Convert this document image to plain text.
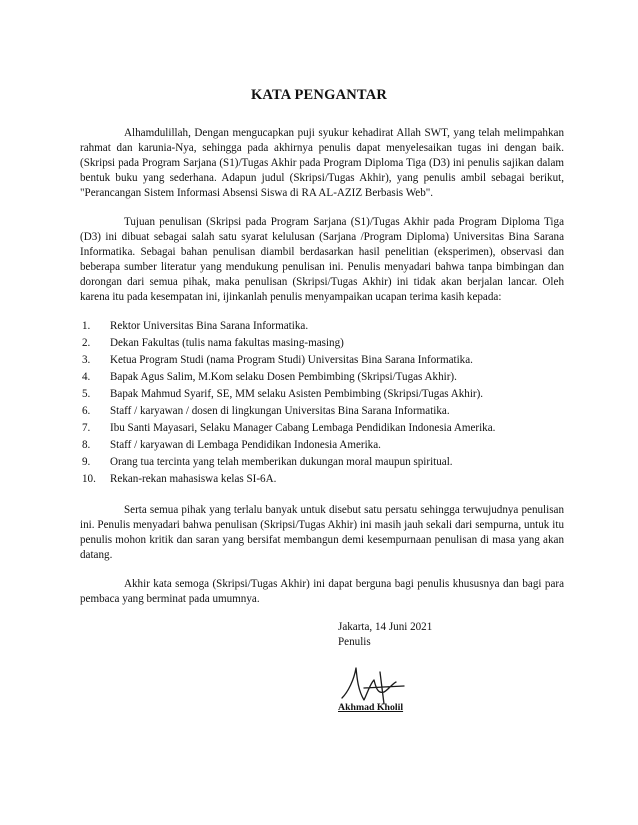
KATA PENGANTAR

Alhamdulillah, Dengan mengucapkan puji syukur kehadirat Allah SWT, yang telah melimpahkan rahmat dan karunia-Nya, sehingga pada akhirnya penulis dapat menyelesaikan tugas ini dengan baik. (Skripsi pada Program Sarjana (S1)/Tugas Akhir pada Program Diploma Tiga (D3) ini penulis sajikan dalam bentuk buku yang sederhana. Adapun judul (Skripsi/Tugas Akhir), yang penulis ambil sebagai berikut, "Perancangan Sistem Informasi Absensi Siswa di RA AL-AZIZ Berbasis Web".

Tujuan penulisan (Skripsi pada Program Sarjana (S1)/Tugas Akhir pada Program Diploma Tiga (D3) ini dibuat sebagai salah satu syarat kelulusan (Sarjana /Program Diploma) Universitas Bina Sarana Informatika. Sebagai bahan penulisan diambil berdasarkan hasil penelitian (eksperimen), observasi dan beberapa sumber literatur yang mendukung penulisan ini. Penulis menyadari bahwa tanpa bimbingan dan dorongan dari semua pihak, maka penulisan (Skripsi/Tugas Akhir) ini tidak akan berjalan lancar. Oleh karena itu pada kesempatan ini, ijinkanlah penulis menyampaikan ucapan terima kasih kepada:

1. Rektor Universitas Bina Sarana Informatika.
2. Dekan Fakultas (tulis nama fakultas masing-masing)
3. Ketua Program Studi (nama Program Studi) Universitas Bina Sarana Informatika.
4. Bapak Agus Salim, M.Kom selaku Dosen Pembimbing (Skripsi/Tugas Akhir).
5. Bapak Mahmud Syarif, SE, MM selaku Asisten Pembimbing (Skripsi/Tugas Akhir).
6. Staff / karyawan / dosen di lingkungan Universitas Bina Sarana Informatika.
7. Ibu Santi Mayasari, Selaku Manager Cabang Lembaga Pendidikan Indonesia Amerika.
8. Staff / karyawan di Lembaga Pendidikan Indonesia Amerika.
9. Orang tua tercinta yang telah memberikan dukungan moral maupun spiritual.
10. Rekan-rekan mahasiswa kelas SI-6A.

Serta semua pihak yang terlalu banyak untuk disebut satu persatu sehingga terwujudnya penulisan ini. Penulis menyadari bahwa penulisan (Skripsi/Tugas Akhir) ini masih jauh sekali dari sempurna, untuk itu penulis mohon kritik dan saran yang bersifat membangun demi kesempurnaan penulisan di masa yang akan datang.

Akhir kata semoga (Skripsi/Tugas Akhir) ini dapat berguna bagi penulis khususnya dan bagi para pembaca yang berminat pada umumnya.

Jakarta, 14 Juni 2021

Penulis

Akhmad Kholil
